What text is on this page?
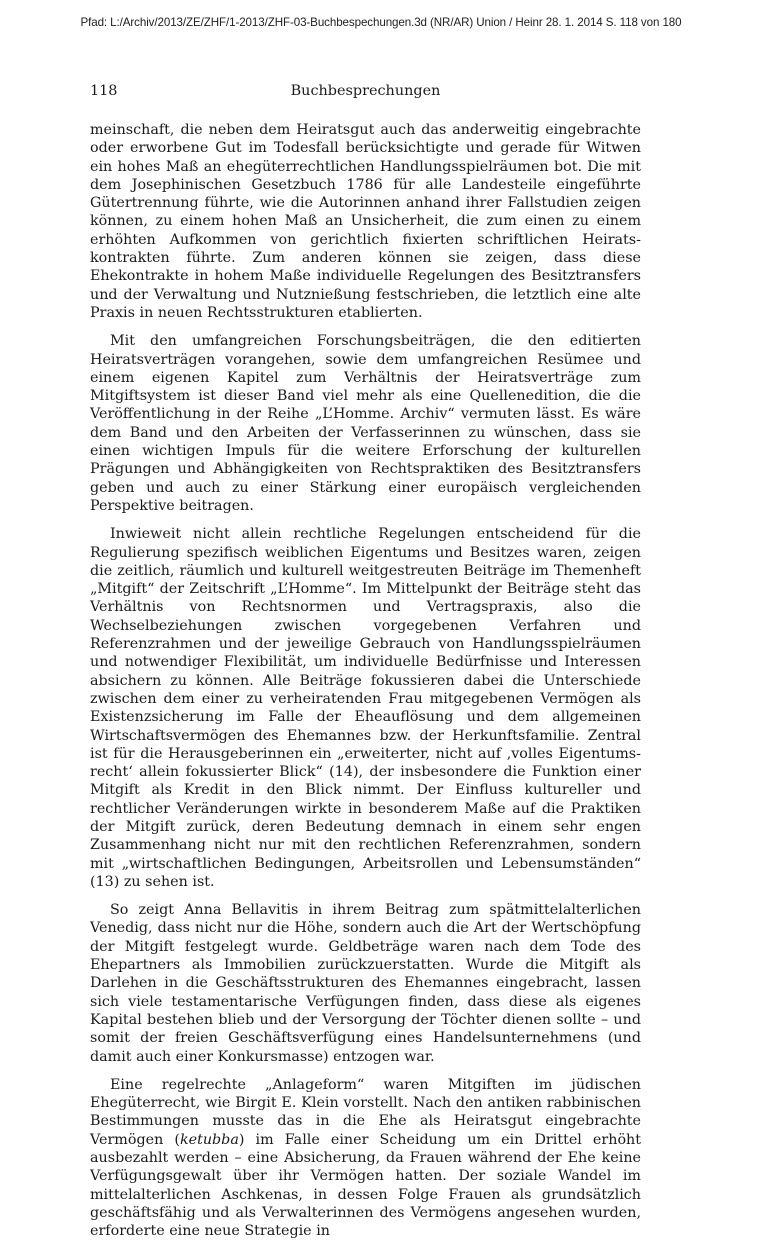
Pfad: L:/Archiv/2013/ZE/ZHF/1-2013/ZHF-03-Buchbespechungen.3d (NR/AR) Union / Heinr 28. 1. 2014 S. 118 von 180
118	Buchbesprechungen

meinschaft, die neben dem Heiratsgut auch das anderweitig eingebrachte oder erworbene Gut im Todesfall berücksichtigte und gerade für Witwen ein hohes Maß an ehegüterrechtlichen Handlungsspielräumen bot. Die mit dem Josephinischen Gesetzbuch 1786 für alle Landesteile eingeführte Gütertrennung führte, wie die Autorinnen anhand ihrer Fallstudien zeigen können, zu einem hohen Maß an Unsicherheit, die zum einen zu einem erhöhten Aufkommen von gerichtlich fixierten schriftlichen Heiratskontrakten führte. Zum anderen können sie zeigen, dass diese Ehekontrakte in hohem Maße individuelle Regelungen des Besitztransfers und der Verwaltung und Nutznießung festschrieben, die letztlich eine alte Praxis in neuen Rechtsstrukturen etablierten.

Mit den umfangreichen Forschungsbeiträgen, die den editierten Heiratsverträgen vorangehen, sowie dem umfangreichen Resümee und einem eigenen Kapitel zum Verhältnis der Heiratsverträge zum Mitgiftsystem ist dieser Band viel mehr als eine Quellenedition, die die Veröffentlichung in der Reihe „L’Homme. Archiv“ vermuten lässt. Es wäre dem Band und den Arbeiten der Verfasserinnen zu wünschen, dass sie einen wichtigen Impuls für die weitere Erforschung der kulturellen Prägungen und Abhängigkeiten von Rechtspraktiken des Besitztransfers geben und auch zu einer Stärkung einer europäisch vergleichenden Perspektive beitragen.

Inwieweit nicht allein rechtliche Regelungen entscheidend für die Regulierung spezifisch weiblichen Eigentums und Besitzes waren, zeigen die zeitlich, räumlich und kulturell weitgestreuten Beiträge im Themenheft „Mitgift“ der Zeitschrift „L’Homme“. Im Mittelpunkt der Beiträge steht das Verhältnis von Rechtsnormen und Vertragspraxis, also die Wechselbeziehungen zwischen vorgegebenen Verfahren und Referenzrahmen und der jeweilige Gebrauch von Handlungsspielräumen und notwendiger Flexibilität, um individuelle Bedürfnisse und Interessen absichern zu können. Alle Beiträge fokussieren dabei die Unterschiede zwischen dem einer zu verheiratenden Frau mitgegebenen Vermögen als Existenzsicherung im Falle der Eheauflösung und dem allgemeinen Wirtschaftsvermögen des Ehemannes bzw. der Herkunftsfamilie. Zentral ist für die Herausgeberinnen ein „erweiterter, nicht auf ‚volles Eigentumsrecht‘ allein fokussierter Blick“ (14), der insbesondere die Funktion einer Mitgift als Kredit in den Blick nimmt. Der Einfluss kultureller und rechtlicher Veränderungen wirkte in besonderem Maße auf die Praktiken der Mitgift zurück, deren Bedeutung demnach in einem sehr engen Zusammenhang nicht nur mit den rechtlichen Referenzrahmen, sondern mit „wirtschaftlichen Bedingungen, Arbeitsrollen und Lebensumständen“ (13) zu sehen ist.

So zeigt Anna Bellavitis in ihrem Beitrag zum spätmittelalterlichen Venedig, dass nicht nur die Höhe, sondern auch die Art der Wertschöpfung der Mitgift festgelegt wurde. Geldbeträge waren nach dem Tode des Ehepartners als Immobilien zurückzuerstatten. Wurde die Mitgift als Darlehen in die Geschäftsstrukturen des Ehemannes eingebracht, lassen sich viele testamentarische Verfügungen finden, dass diese als eigenes Kapital bestehen blieb und der Versorgung der Töchter dienen sollte – und somit der freien Geschäftsverfügung eines Handelsunternehmens (und damit auch einer Konkursmasse) entzogen war.

Eine regelrechte „Anlageform“ waren Mitgiften im jüdischen Ehegüterrecht, wie Birgit E. Klein vorstellt. Nach den antiken rabbinischen Bestimmungen musste das in die Ehe als Heiratsgut eingebrachte Vermögen (ketubba) im Falle einer Scheidung um ein Drittel erhöht ausbezahlt werden – eine Absicherung, da Frauen während der Ehe keine Verfügungsgewalt über ihr Vermögen hatten. Der soziale Wandel im mittelalterlichen Aschkenas, in dessen Folge Frauen als grundsätzlich geschäftsfähig und als Verwalterinnen des Vermögens angesehen wurden, erforderte eine neue Strategie in
